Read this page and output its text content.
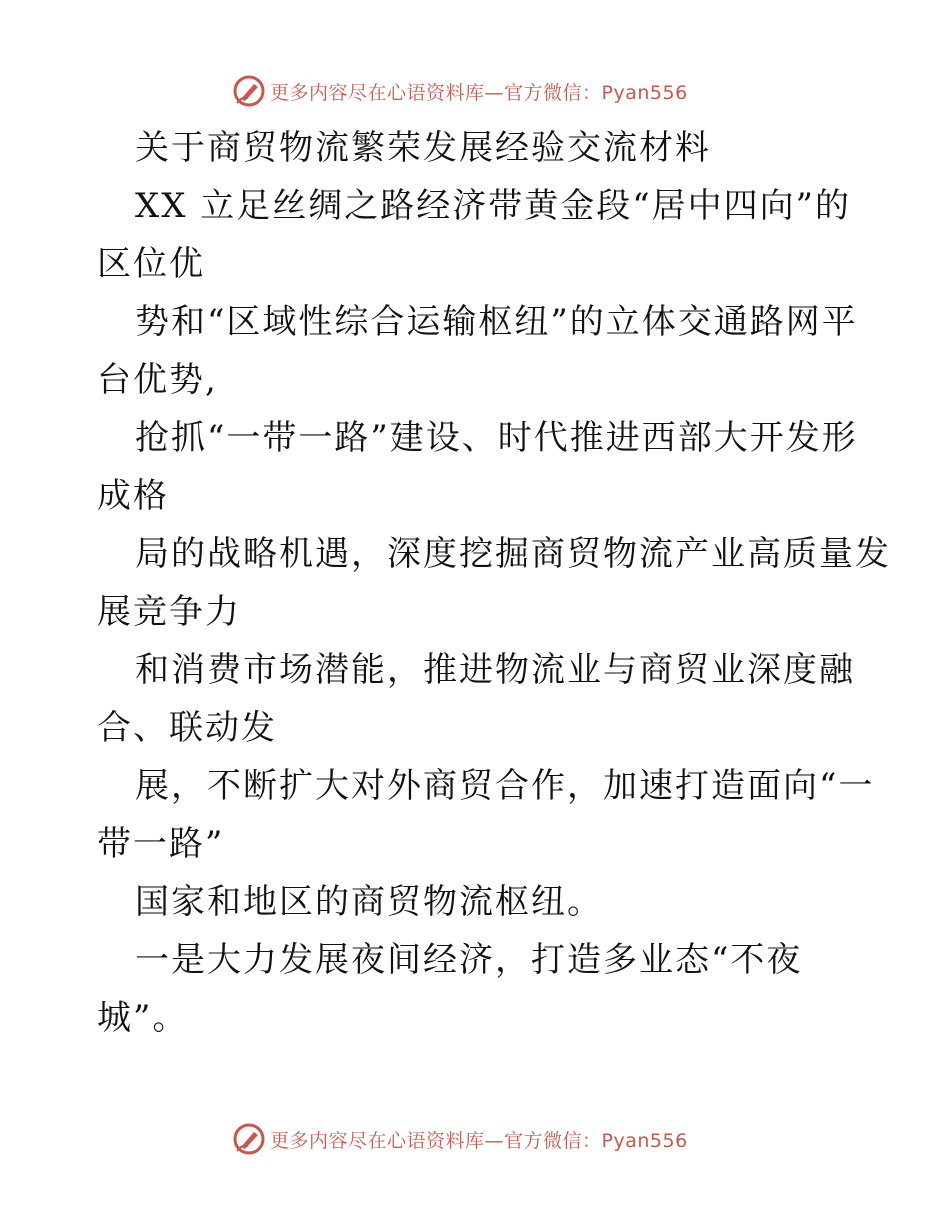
更多内容尽在心语资料库—官方微信：Pyan556
关于商贸物流繁荣发展经验交流材料
XX 立足丝绸之路经济带黄金段“居中四向”的
区位优
势和“区域性综合运输枢纽”的立体交通路网平
台优势,
抢抓“一带一路”建设、时代推进西部大开发形
成格
局的战略机遇，深度挖掘商贸物流产业高质量发
展竞争力
和消费市场潜能，推进物流业与商贸业深度融
合、联动发
展，不断扩大对外商贸合作，加速打造面向“一
带一路”
国家和地区的商贸物流枢纽。
一是大力发展夜间经济，打造多业态“不夜
城”。
更多内容尽在心语资料库—官方微信：Pyan556
